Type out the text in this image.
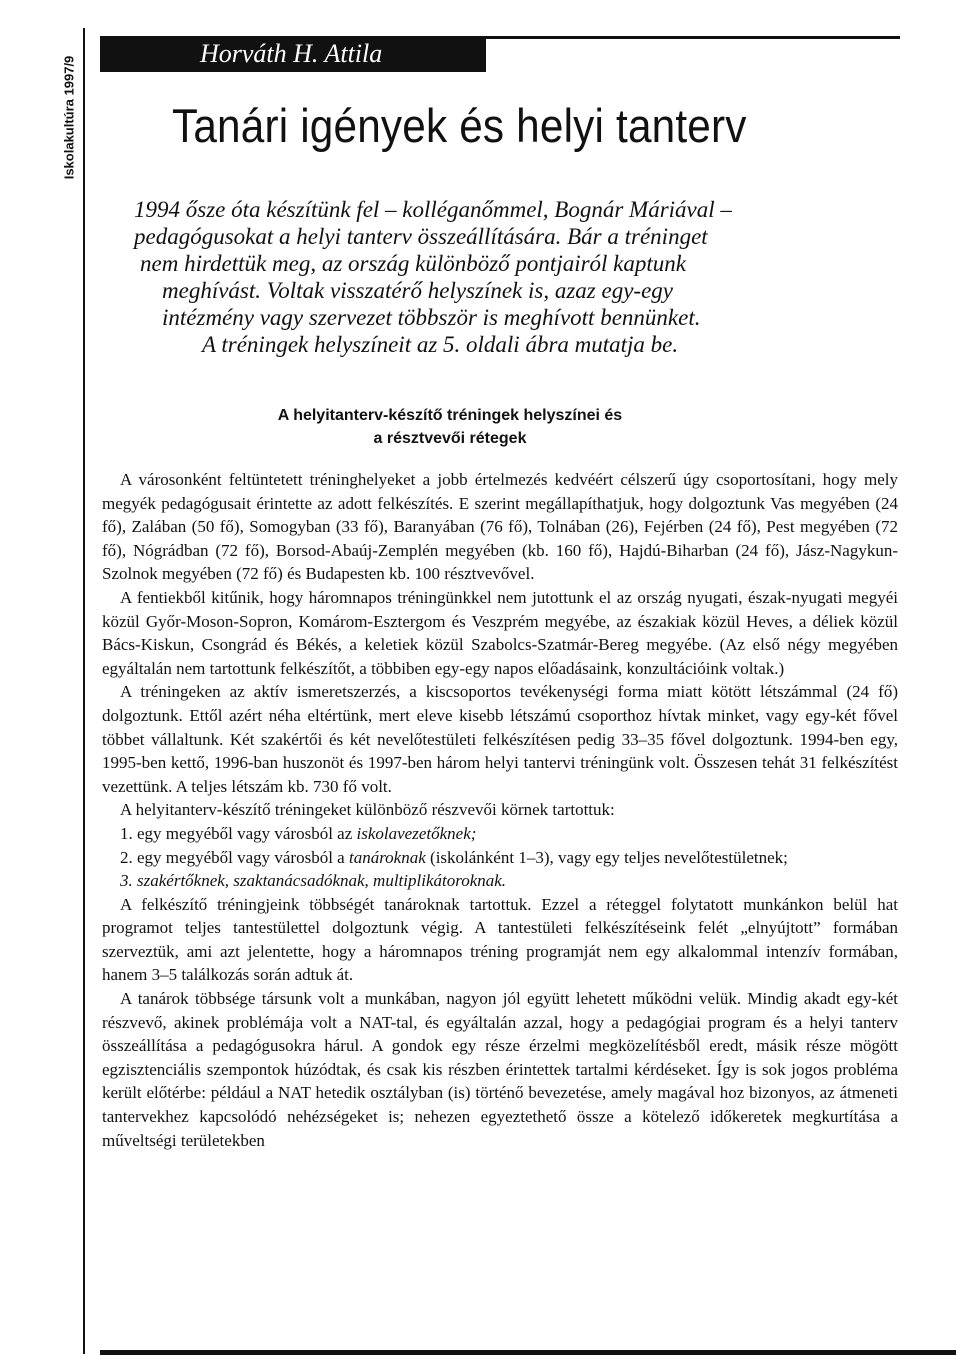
Iskolakultúra 1997/9
Horváth H. Attila
Tanári igények és helyi tanterv

1994 ősze óta készítünk fel – kolléganőmmel, Bognár Máriával –
pedagógusokat a helyi tanterv összeállítására. Bár a tréninget
nem hirdettük meg, az ország különböző pontjairól kaptunk
meghívást. Voltak visszatérő helyszínek is, azaz egy-egy
intézmény vagy szervezet többször is meghívott bennünket.
A tréningek helyszíneit az 5. oldali ábra mutatja be.

A helyitanterv-készítő tréningek helyszínei és
a résztvevői rétegek

A városonként feltüntetett tréninghelyeket a jobb értelmezés kedvéért célszerű úgy csoportosítani, hogy mely megyék pedagógusait érintette az adott felkészítés. E szerint megállapíthatjuk, hogy dolgoztunk Vas megyében (24 fő), Zalában (50 fő), Somogyban (33 fő), Baranyában (76 fő), Tolnában (26), Fejérben (24 fő), Pest megyében (72 fő), Nógrádban (72 fő), Borsod-Abaúj-Zemplén megyében (kb. 160 fő), Hajdú-Biharban (24 fő), Jász-Nagykun-Szolnok megyében (72 fő) és Budapesten kb. 100 résztvevővel.

A fentiekből kitűnik, hogy háromnapos tréningünkkel nem jutottunk el az ország nyugati, észak-nyugati megyéi közül Győr-Moson-Sopron, Komárom-Esztergom és Veszprém megyébe, az északiak közül Heves, a déliek közül Bács-Kiskun, Csongrád és Békés, a keletiek közül Szabolcs-Szatmár-Bereg megyébe. (Az első négy megyében egyáltalán nem tartottunk felkészítőt, a többiben egy-egy napos előadásaink, konzultációink voltak.)

A tréningeken az aktív ismeretszerzés, a kiscsoportos tevékenységi forma miatt kötött létszámmal (24 fő) dolgoztunk. Ettől azért néha eltértünk, mert eleve kisebb létszámú csoporthoz hívtak minket, vagy egy-két fővel többet vállaltunk. Két szakértői és két nevelőtestületi felkészítésen pedig 33–35 fővel dolgoztunk. 1994-ben egy, 1995-ben kettő, 1996-ban huszonöt és 1997-ben három helyi tantervi tréningünk volt. Összesen tehát 31 felkészítést vezettünk. A teljes létszám kb. 730 fő volt.

A helyitanterv-készítő tréningeket különböző részvevői körnek tartottuk:

1. egy megyéből vagy városból az iskolavezetőknek;

2. egy megyéből vagy városból a tanároknak (iskolánként 1–3), vagy egy teljes nevelőtestületnek;

3. szakértőknek, szaktanácsadóknak, multiplikátoroknak.

A felkészítő tréningjeink többségét tanároknak tartottuk. Ezzel a réteggel folytatott munkánkon belül hat programot teljes tantestülettel dolgoztunk végig. A tantestületi felkészítéseink felét „elnyújtott” formában szerveztük, ami azt jelentette, hogy a háromnapos tréning programját nem egy alkalommal intenzív formában, hanem 3–5 találkozás során adtuk át.

A tanárok többsége társunk volt a munkában, nagyon jól együtt lehetett működni velük. Mindig akadt egy-két részvevő, akinek problémája volt a NAT-tal, és egyáltalán azzal, hogy a pedagógiai program és a helyi tanterv összeállítása a pedagógusokra hárul. A gondok egy része érzelmi megközelítésből eredt, másik része mögött egzisztenciális szempontok húzódtak, és csak kis részben érintettek tartalmi kérdéseket. Így is sok jogos probléma került előtérbe: például a NAT hetedik osztályban (is) történő bevezetése, amely magával hoz bizonyos, az átmeneti tantervekhez kapcsolódó nehézségeket is; nehezen egyeztethető össze a kötelező időkeretek megkurtítása a műveltségi területekben
